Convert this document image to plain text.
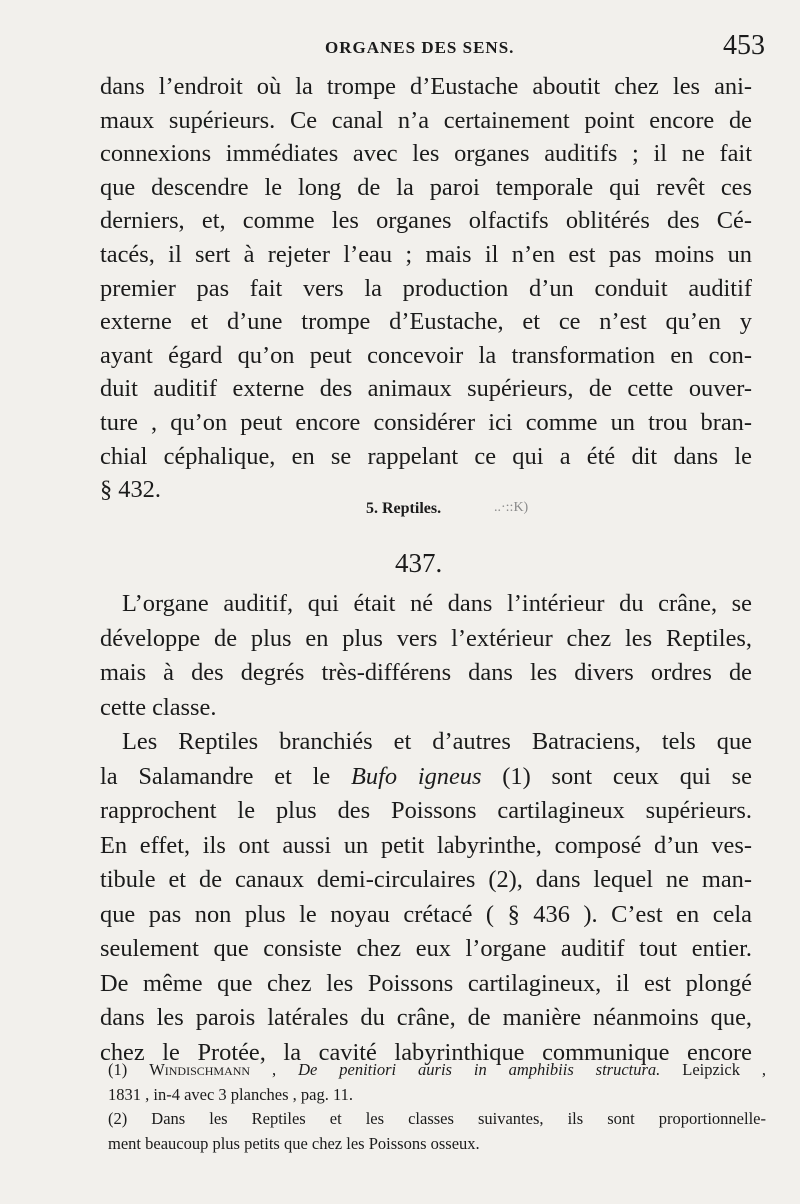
ORGANES DES SENS.	453
dans l’endroit où la trompe d’Eustache aboutit chez les ani-
maux supérieurs. Ce canal n’a certainement point encore de
connexions immédiates avec les organes auditifs ; il ne fait
que descendre le long de la paroi temporale qui revêt ces
derniers, et, comme les organes olfactifs oblitérés des Cé-
tacés, il sert à rejeter l’eau ; mais il n’en est pas moins un
premier pas fait vers la production d’un conduit auditif
externe et d’une trompe d’Eustache, et ce n’est qu’en y
ayant égard qu’on peut concevoir la transformation en con-
duit auditif externe des animaux supérieurs, de cette ouver-
ture , qu’on peut encore considérer ici comme un trou bran-
chial céphalique, en se rappelant ce qui a été dit dans le
§ 432.
5. Reptiles.	..·::K)
437.
L’organe auditif, qui était né dans l’intérieur du crâne, se
développe de plus en plus vers l’extérieur chez les Reptiles,
mais à des degrés très-différens dans les divers ordres de
cette classe.
Les Reptiles branchiés et d’autres Batraciens, tels que
la Salamandre et le Bufo igneus (1) sont ceux qui se
rapprochent le plus des Poissons cartilagineux supérieurs.
En effet, ils ont aussi un petit labyrinthe, composé d’un ves-
tibule et de canaux demi-circulaires (2), dans lequel ne man-
que pas non plus le noyau crétacé ( § 436 ). C’est en cela
seulement que consiste chez eux l’organe auditif tout entier.
De même que chez les Poissons cartilagineux, il est plongé
dans les parois latérales du crâne, de manière néanmoins que,
chez le Protée, la cavité labyrinthique communique encore
(1) Windischmann , De penitiori auris in amphibiis structura. Leipzick ,
1831 , in-4 avec 3 planches , pag. 11.
(2) Dans les Reptiles et les classes suivantes, ils sont proportionnelle-
ment beaucoup plus petits que chez les Poissons osseux.
